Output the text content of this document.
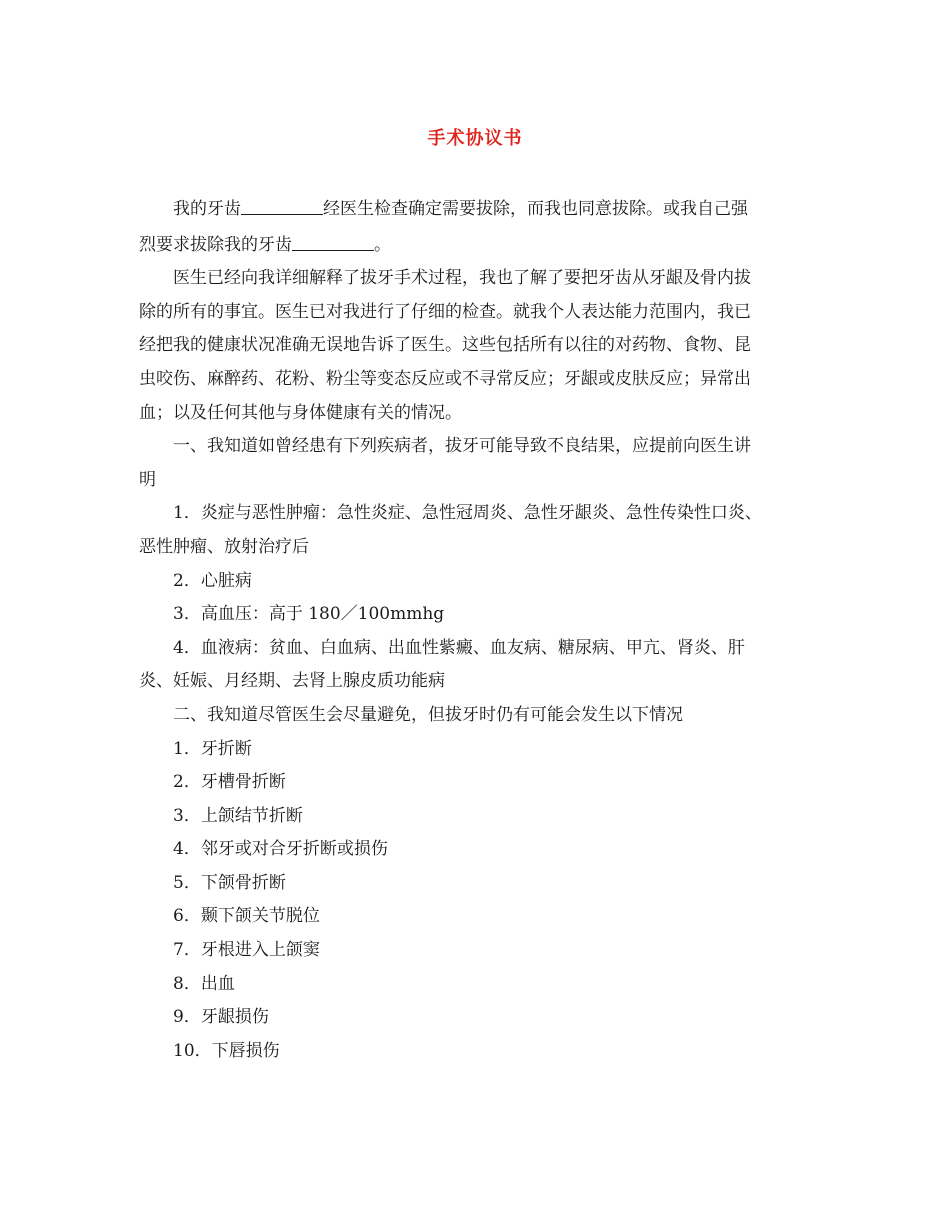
手术协议书
我的牙齿	经医生检查确定需要拔除，而我也同意拔除。或我自己强
烈要求拔除我的牙齿	。
医生已经向我详细解释了拔牙手术过程，我也了解了要把牙齿从牙龈及骨内拔
除的所有的事宜。医生已对我进行了仔细的检查。就我个人表达能力范围内，我已
经把我的健康状况准确无误地告诉了医生。这些包括所有以往的对药物、食物、昆
虫咬伤、麻醉药、花粉、粉尘等变态反应或不寻常反应；牙龈或皮肤反应；异常出
血；以及任何其他与身体健康有关的情况。
一、我知道如曾经患有下列疾病者，拔牙可能导致不良结果，应提前向医生讲
明
1．炎症与恶性肿瘤：急性炎症、急性冠周炎、急性牙龈炎、急性传染性口炎、
恶性肿瘤、放射治疗后
2．心脏病
3．高血压：高于 180／100mmhg
4．血液病：贫血、白血病、出血性紫癜、血友病、糖尿病、甲亢、肾炎、肝
炎、妊娠、月经期、去肾上腺皮质功能病
二、我知道尽管医生会尽量避免，但拔牙时仍有可能会发生以下情况
1．牙折断
2．牙槽骨折断
3．上颌结节折断
4．邻牙或对合牙折断或损伤
5．下颌骨折断
6．颞下颌关节脱位
7．牙根进入上颌窦
8．出血
9．牙龈损伤
10．下唇损伤
